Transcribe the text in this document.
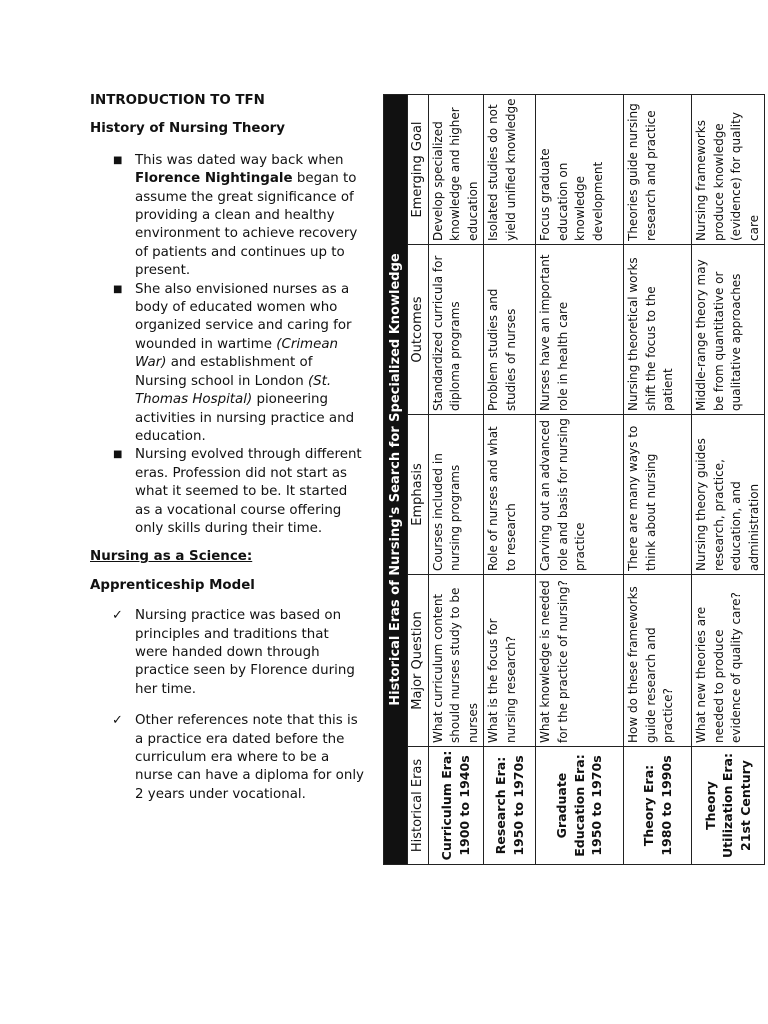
INTRODUCTION TO TFN

History of Nursing Theory

■ This was dated way back when Florence Nightingale began to assume the great significance of providing a clean and healthy environment to achieve recovery of patients and continues up to present.
■ She also envisioned nurses as a body of educated women who organized service and caring for wounded in wartime (Crimean War) and establishment of Nursing school in London (St. Thomas Hospital) pioneering activities in nursing practice and education.
■ Nursing evolved through different eras. Profession did not start as what it seemed to be. It started as a vocational course offering only skills during their time.

Nursing as a Science:

Apprenticeship Model

✓ Nursing practice was based on principles and traditions that were handed down through practice seen by Florence during her time.
✓ Other references note that this is a practice era dated before the curriculum era where to be a nurse can have a diploma for only 2 years under vocational.
Historical Eras of Nursing's Search for Specialized Knowledge				
Historical Eras	Major Question	Emphasis	Outcomes	Emerging Goal
Curriculum Era: 1900 to 1940s	What curriculum content should nurses study to be nurses	Courses included in nursing programs	Standardized curricula for diploma programs	Develop specialized knowledge and higher education
Research Era: 1950 to 1970s	What is the focus for nursing research?	Role of nurses and what to research	Problem studies and studies of nurses	Isolated studies do not yield unified knowledge
Graduate Education Era: 1950 to 1970s	What knowledge is needed for the practice of nursing?	Carving out an advanced role and basis for nursing practice	Nurses have an important role in health care	Focus graduate education on knowledge development
Theory Era: 1980 to 1990s	How do these frameworks guide research and practice?	There are many ways to think about nursing	Nursing theoretical works shift the focus to the patient	Theories guide nursing research and practice
Theory Utilization Era: 21st Century	What new theories are needed to produce evidence of quality care?	Nursing theory guides research, practice, education, and administration	Middle-range theory may be from quantitative or qualitative approaches	Nursing frameworks produce knowledge (evidence) for quality care
